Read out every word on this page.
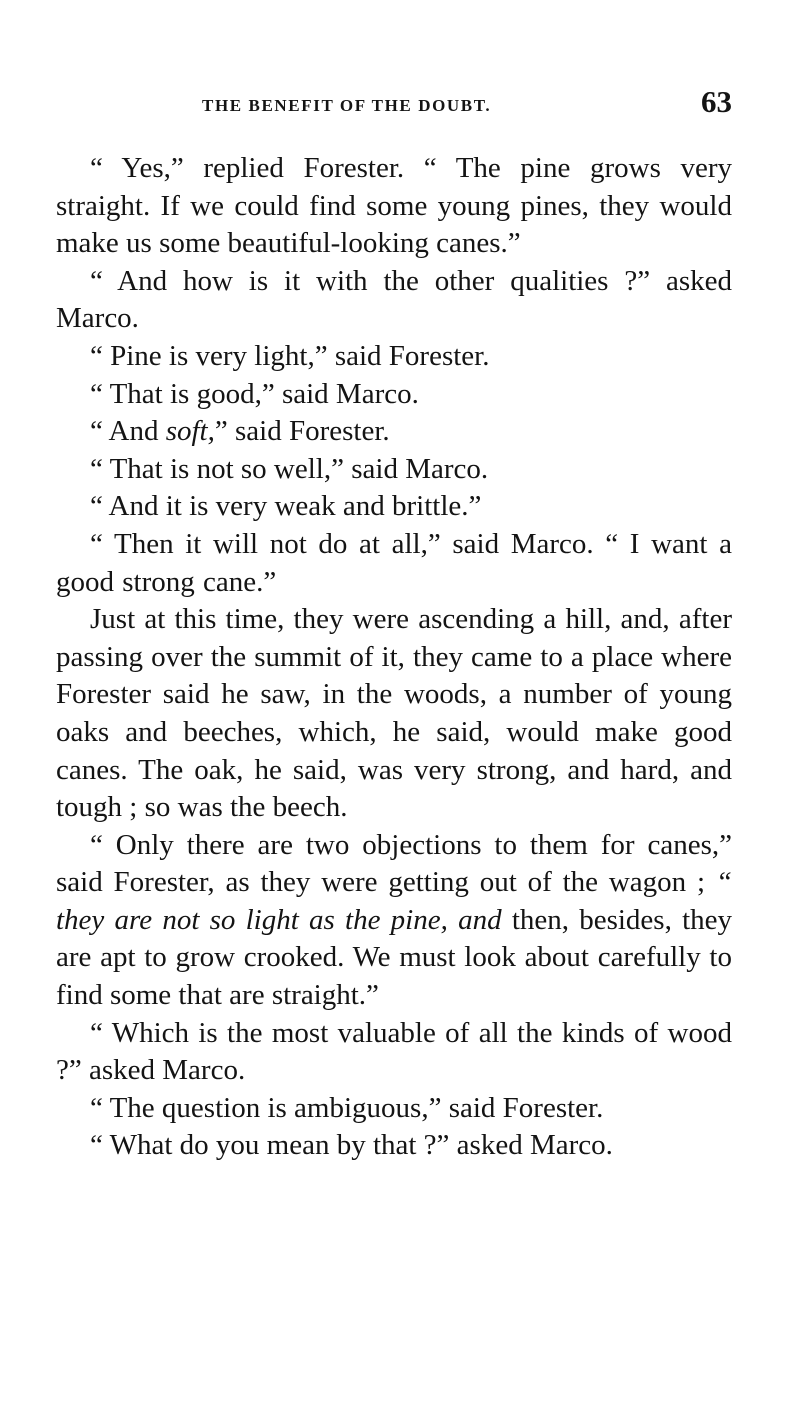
THE BENEFIT OF THE DOUBT.	63

“ Yes,” replied Forester. “ The pine grows very straight. If we could find some young pines, they would make us some beautiful-looking canes.”

“ And how is it with the other qualities ?” asked Marco.

“ Pine is very light,” said Forester.

“ That is good,” said Marco.

“ And soft,” said Forester.

“ That is not so well,” said Marco.

“ And it is very weak and brittle.”

“ Then it will not do at all,” said Marco. “ I want a good strong cane.”

Just at this time, they were ascending a hill, and, after passing over the summit of it, they came to a place where Forester said he saw, in the woods, a number of young oaks and beeches, which, he said, would make good canes. The oak, he said, was very strong, and hard, and tough ; so was the beech.

“ Only there are two objections to them for canes,” said Forester, as they were getting out of the wagon ; “ they are not so light as the pine, and then, besides, they are apt to grow crooked. We must look about carefully to find some that are straight.”

“ Which is the most valuable of all the kinds of wood ?” asked Marco.

“ The question is ambiguous,” said Forester.

“ What do you mean by that ?” asked Marco.
